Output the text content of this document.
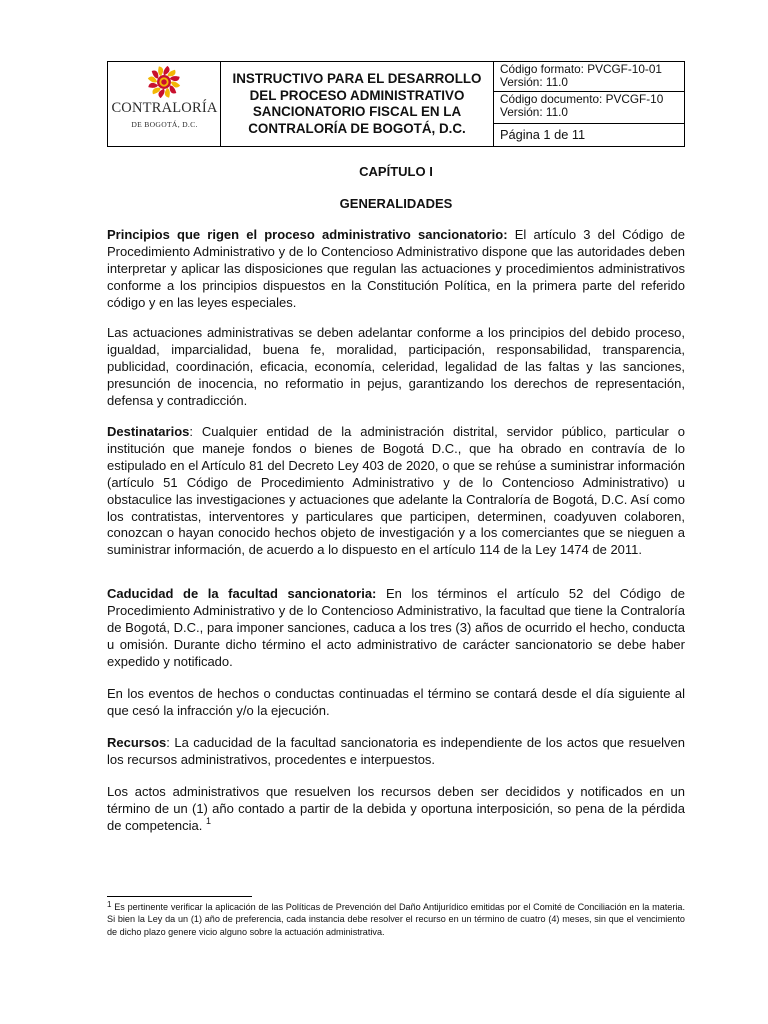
CONTRALORÍA
DE BOGOTÁ, D.C.
INSTRUCTIVO PARA EL DESARROLLO DEL PROCESO ADMINISTRATIVO SANCIONATORIO FISCAL EN LA CONTRALORÍA DE BOGOTÁ, D.C.
Código formato: PVCGF-10-01
Versión: 11.0
Código documento: PVCGF-10
Versión: 11.0
Página 1 de 11
CAPÍTULO I
GENERALIDADES

Principios que rigen el proceso administrativo sancionatorio: El artículo 3 del Código de Procedimiento Administrativo y de lo Contencioso Administrativo dispone que las autoridades deben interpretar y aplicar las disposiciones que regulan las actuaciones y procedimientos administrativos conforme a los principios dispuestos en la Constitución Política, en la primera parte del referido código y en las leyes especiales.

Las actuaciones administrativas se deben adelantar conforme a los principios del debido proceso, igualdad, imparcialidad, buena fe, moralidad, participación, responsabilidad, transparencia, publicidad, coordinación, eficacia, economía, celeridad, legalidad de las faltas y las sanciones, presunción de inocencia, no reformatio in pejus, garantizando los derechos de representación, defensa y contradicción.

Destinatarios: Cualquier entidad de la administración distrital, servidor público, particular o institución que maneje fondos o bienes de Bogotá D.C., que ha obrado en contravía de lo estipulado en el Artículo 81 del Decreto Ley 403 de 2020, o que se rehúse a suministrar información (artículo 51 Código de Procedimiento Administrativo y de lo Contencioso Administrativo) u obstaculice las investigaciones y actuaciones que adelante la Contraloría de Bogotá, D.C. Así como los contratistas, interventores y particulares que participen, determinen, coadyuven colaboren, conozcan o hayan conocido hechos objeto de investigación y a los comerciantes que se nieguen a suministrar información, de acuerdo a lo dispuesto en el artículo 114 de la Ley 1474 de 2011.

Caducidad de la facultad sancionatoria: En los términos el artículo 52 del Código de Procedimiento Administrativo y de lo Contencioso Administrativo, la facultad que tiene la Contraloría de Bogotá, D.C., para imponer sanciones, caduca a los tres (3) años de ocurrido el hecho, conducta u omisión. Durante dicho término el acto administrativo de carácter sancionatorio se debe haber expedido y notificado.

En los eventos de hechos o conductas continuadas el término se contará desde el día siguiente al que cesó la infracción y/o la ejecución.

Recursos: La caducidad de la facultad sancionatoria es independiente de los actos que resuelven los recursos administrativos, procedentes e interpuestos.

Los actos administrativos que resuelven los recursos deben ser decididos y notificados en un término de un (1) año contado a partir de la debida y oportuna interposición, so pena de la pérdida de competencia. $^1$

$^1$ Es pertinente verificar la aplicación de las Políticas de Prevención del Daño Antijurídico emitidas por el Comité de Conciliación en la materia. Si bien la Ley da un (1) año de preferencia, cada instancia debe resolver el recurso en un término de cuatro (4) meses, sin que el vencimiento de dicho plazo genere vicio alguno sobre la actuación administrativa.
